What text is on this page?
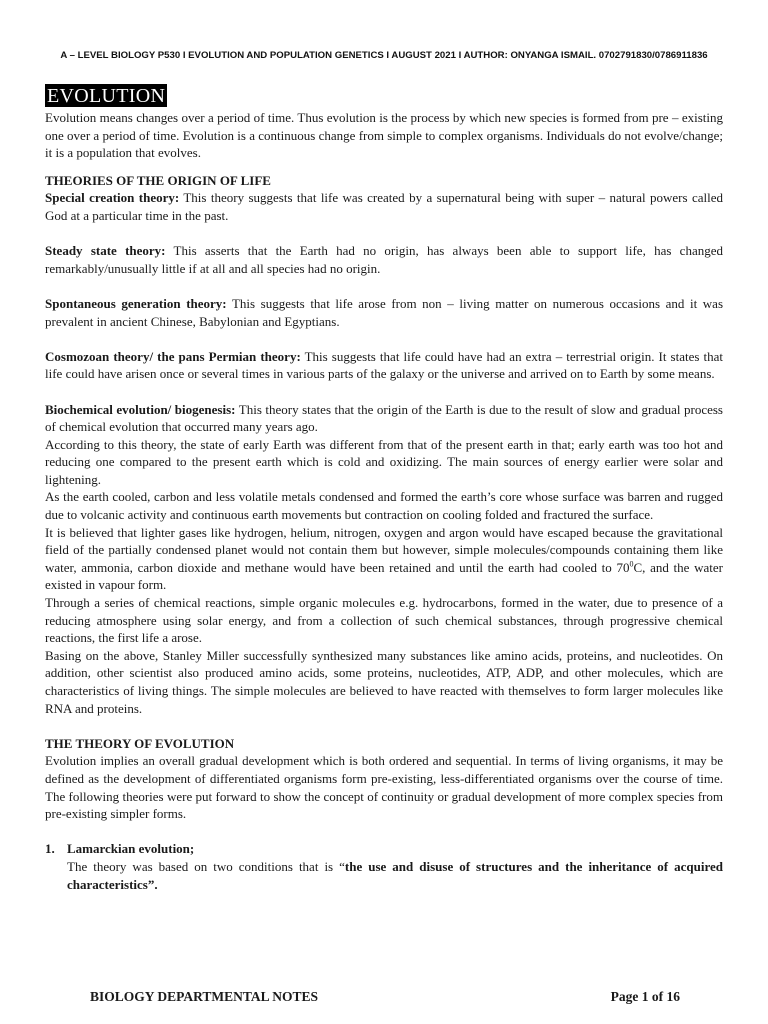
A – LEVEL BIOLOGY P530 I EVOLUTION AND POPULATION GENETICS I AUGUST 2021 I AUTHOR: ONYANGA ISMAIL. 0702791830/0786911836
EVOLUTION

Evolution means changes over a period of time. Thus evolution is the process by which new species is formed from pre – existing one over a period of time. Evolution is a continuous change from simple to complex organisms. Individuals do not evolve/change; it is a population that evolves.

THEORIES OF THE ORIGIN OF LIFE

Special creation theory: This theory suggests that life was created by a supernatural being with super – natural powers called God at a particular time in the past.

Steady state theory: This asserts that the Earth had no origin, has always been able to support life, has changed remarkably/unusually little if at all and all species had no origin.

Spontaneous generation theory: This suggests that life arose from non – living matter on numerous occasions and it was prevalent in ancient Chinese, Babylonian and Egyptians.

Cosmozoan theory/ the pans Permian theory: This suggests that life could have had an extra – terrestrial origin. It states that life could have arisen once or several times in various parts of the galaxy or the universe and arrived on to Earth by some means.

Biochemical evolution/ biogenesis: This theory states that the origin of the Earth is due to the result of slow and gradual process of chemical evolution that occurred many years ago.

According to this theory, the state of early Earth was different from that of the present earth in that; early earth was too hot and reducing one compared to the present earth which is cold and oxidizing. The main sources of energy earlier were solar and lightening.

As the earth cooled, carbon and less volatile metals condensed and formed the earth’s core whose surface was barren and rugged due to volcanic activity and continuous earth movements but contraction on cooling folded and fractured the surface.

It is believed that lighter gases like hydrogen, helium, nitrogen, oxygen and argon would have escaped because the gravitational field of the partially condensed planet would not contain them but however, simple molecules/compounds containing them like water, ammonia, carbon dioxide and methane would have been retained and until the earth had cooled to $70^0C$, and the water existed in vapour form.

Through a series of chemical reactions, simple organic molecules e.g. hydrocarbons, formed in the water, due to presence of a reducing atmosphere using solar energy, and from a collection of such chemical substances, through progressive chemical reactions, the first life a arose.

Basing on the above, Stanley Miller successfully synthesized many substances like amino acids, proteins, and nucleotides. On addition, other scientist also produced amino acids, some proteins, nucleotides, ATP, ADP, and other molecules, which are characteristics of living things. The simple molecules are believed to have reacted with themselves to form larger molecules like RNA and proteins.

THE THEORY OF EVOLUTION

Evolution implies an overall gradual development which is both ordered and sequential. In terms of living organisms, it may be defined as the development of differentiated organisms form pre-existing, less-differentiated organisms over the course of time. The following theories were put forward to show the concept of continuity or gradual development of more complex species from pre-existing simpler forms.

1. Lamarckian evolution;

The theory was based on two conditions that is “the use and disuse of structures and the inheritance of acquired characteristics”.

BIOLOGY DEPARTMENTAL NOTES	Page 1 of 16
